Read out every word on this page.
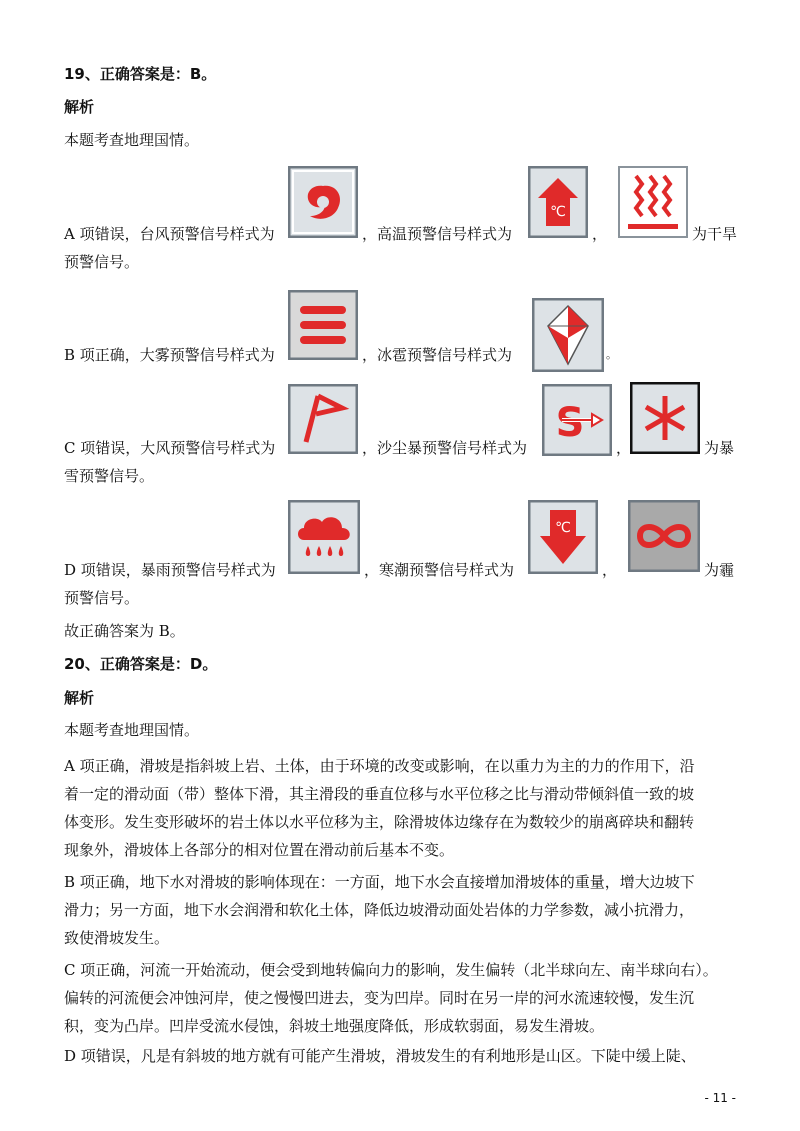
19、正确答案是：B。
解析
本题考查地理国情。
A 项错误，台风预警信号样式为	，高温预警信号样式为
℃
，	为干旱
预警信号。
B 项正确，大雾预警信号样式为	，冰雹预警信号样式为	。
C 项错误，大风预警信号样式为	，沙尘暴预警信号样式为
S
，	为暴
雪预警信号。
D 项错误，暴雨预警信号样式为	，寒潮预警信号样式为
℃
，	为霾
预警信号。
故正确答案为 B。
20、正确答案是：D。
解析
本题考查地理国情。
A 项正确，滑坡是指斜坡上岩、土体，由于环境的改变或影响，在以重力为主的力的作用下，沿
着一定的滑动面（带）整体下滑，其主滑段的垂直位移与水平位移之比与滑动带倾斜值一致的坡
体变形。发生变形破坏的岩土体以水平位移为主，除滑坡体边缘存在为数较少的崩离碎块和翻转
现象外，滑坡体上各部分的相对位置在滑动前后基本不变。
B 项正确，地下水对滑坡的影响体现在：一方面，地下水会直接增加滑坡体的重量，增大边坡下
滑力；另一方面，地下水会润滑和软化土体，降低边坡滑动面处岩体的力学参数，减小抗滑力，
致使滑坡发生。
C 项正确，河流一开始流动，便会受到地转偏向力的影响，发生偏转（北半球向左、南半球向右）。
偏转的河流便会冲蚀河岸，使之慢慢凹进去，变为凹岸。同时在另一岸的河水流速较慢，发生沉
积，变为凸岸。凹岸受流水侵蚀，斜坡土地强度降低，形成软弱面，易发生滑坡。
D 项错误，凡是有斜坡的地方就有可能产生滑坡，滑坡发生的有利地形是山区。下陡中缓上陡、
- 11 -
